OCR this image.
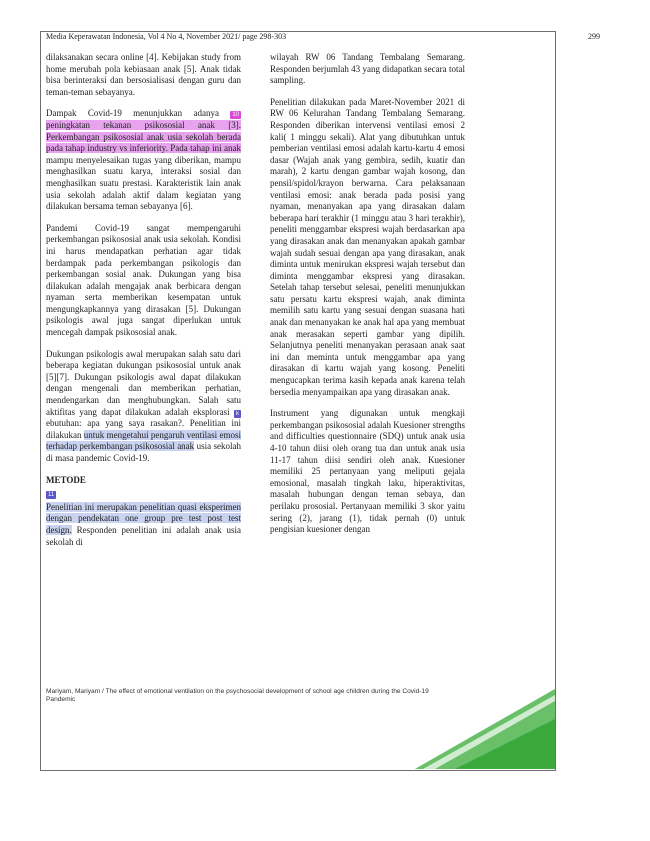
Media Keperawatan Indonesia, Vol 4 No 4, November 2021/ page 298-303	299

dilaksanakan secara online [4]. Kebijakan study from home merubah pola kebiasaan anak [5]. Anak tidak bisa berinteraksi dan bersosialisasi dengan guru dan teman-teman sebayanya.

Dampak Covid-19 menunjukkan adanya 10peningkatan tekanan psikososial anak [3]. Perkembangan psikososial anak usia sekolah berada pada tahap industry vs inferiority. Pada tahap ini anak mampu menyelesaikan tugas yang diberikan, mampu menghasilkan suatu karya, interaksi sosial dan menghasilkan suatu prestasi. Karakteristik lain anak usia sekolah adalah aktif dalam kegiatan yang dilakukan bersama teman sebayanya [6].

Pandemi Covid-19 sangat mempengaruhi perkembangan psikososial anak usia sekolah. Kondisi ini harus mendapatkan perhatian agar tidak berdampak pada perkembangan psikologis dan perkembangan sosial anak. Dukungan yang bisa dilakukan adalah mengajak anak berbicara dengan nyaman serta memberikan kesempatan untuk mengungkapkannya yang dirasakan [5]. Dukungan psikologis awal juga sangat diperlukan untuk mencegah dampak psikososial anak.

Dukungan psikologis awal merupakan salah satu dari beberapa kegiatan dukungan psikososial untuk anak [5][7]. Dukungan psikologis awal dapat dilakukan dengan mengenali dan memberikan perhatian, mendengarkan dan menghubungkan. Salah satu aktifitas yang dapat dilakukan adalah eksplorasi kebutuhan: apa yang saya rasakan?. Penelitian ini dilakukan untuk mengetahui pengaruh ventilasi emosi terhadap perkembangan psikososial anak usia sekolah di masa pandemic Covid-19.

METODE
11

Penelitian ini merupakan penelitian quasi eksperimen dengan pendekatan one group pre test post test design. Responden penelitian ini adalah anak usia sekolah di

wilayah RW 06 Tandang Tembalang Semarang. Responden berjumlah 43 yang didapatkan secara total sampling.

Penelitian dilakukan pada Maret-November 2021 di RW 06 Kelurahan Tandang Tembalang Semarang. Responden diberikan intervensi ventilasi emosi 2 kali( 1 minggu sekali). Alat yang dibutuhkan untuk pemberian ventilasi emosi adalah kartu-kartu 4 emosi dasar (Wajah anak yang gembira, sedih, kuatir dan marah), 2 kartu dengan gambar wajah kosong, dan pensil/spidol/krayon berwarna. Cara pelaksanaan ventilasi emosi: anak berada pada posisi yang nyaman, menanyakan apa yang dirasakan dalam beberapa hari terakhir (1 minggu atau 3 hari terakhir), peneliti menggambar ekspresi wajah berdasarkan apa yang dirasakan anak dan menanyakan apakah gambar wajah sudah sesuai dengan apa yang dirasakan, anak diminta untuk menirukan ekspresi wajah tersebut dan diminta menggambar ekspresi yang dirasakan. Setelah tahap tersebut selesai, peneliti menunjukkan satu persatu kartu ekspresi wajah, anak diminta memilih satu kartu yang sesuai dengan suasana hati anak dan menanyakan ke anak hal apa yang membuat anak merasakan seperti gambar yang dipilih. Selanjutnya peneliti menanyakan perasaan anak saat ini dan meminta untuk menggambar apa yang dirasakan di kartu wajah yang kosong. Peneliti mengucapkan terima kasih kepada anak karena telah bersedia menyampaikan apa yang dirasakan anak.

Instrument yang digunakan untuk mengkaji perkembangan psikososial adalah Kuesioner strengths and difficulties questionnaire (SDQ) untuk anak usia 4-10 tahun diisi oleh orang tua dan untuk anak usia 11-17 tahun diisi sendiri oleh anak. Kuesioner memiliki 25 pertanyaan yang meliputi gejala emosional, masalah tingkah laku, hiperaktivitas, masalah hubungan dengan teman sebaya, dan perilaku prososial. Pertanyaan memiliki 3 skor yaitu sering (2), jarang (1), tidak pernah (0) untuk pengisian kuesioner dengan

Mariyam, Mariyam / The effect of emotional ventilation on the psychosocial development of school age children during the Covid-19 Pandemic
